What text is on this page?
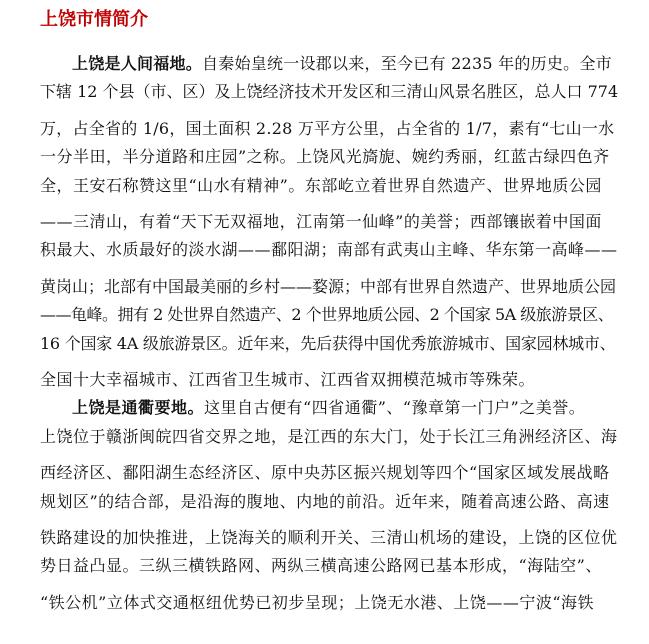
上饶市情简介
上饶是人间福地。自秦始皇统一设郡以来，至今已有 2235 年的历史。全市
下辖 12 个县（市、区）及上饶经济技术开发区和三清山风景名胜区，总人口 774
万，占全省的 1/6，国土面积 2.28 万平方公里，占全省的 1/7，素有“七山一水
一分半田，半分道路和庄园”之称。上饶风光旖旎、婉约秀丽，红蓝古绿四色齐
全，王安石称赞这里“山水有精神”。东部屹立着世界自然遗产、世界地质公园
——三清山，有着“天下无双福地，江南第一仙峰”的美誉；西部镶嵌着中国面
积最大、水质最好的淡水湖——鄱阳湖；南部有武夷山主峰、华东第一高峰——
黄岗山；北部有中国最美丽的乡村——婺源；中部有世界自然遗产、世界地质公园
——龟峰。拥有 2 处世界自然遗产、2 个世界地质公园、2 个国家 5A 级旅游景区、
16 个国家 4A 级旅游景区。近年来，先后获得中国优秀旅游城市、国家园林城市、
全国十大幸福城市、江西省卫生城市、江西省双拥模范城市等殊荣。
上饶是通衢要地。这里自古便有“四省通衢”、“豫章第一门户”之美誉。
上饶位于赣浙闽皖四省交界之地，是江西的东大门，处于长江三角洲经济区、海
西经济区、鄱阳湖生态经济区、原中央苏区振兴规划等四个“国家区域发展战略
规划区”的结合部，是沿海的腹地、内地的前沿。近年来，随着高速公路、高速
铁路建设的加快推进，上饶海关的顺利开关、三清山机场的建设，上饶的区位优
势日益凸显。三纵三横铁路网、两纵三横高速公路网已基本形成，“海陆空”、
“铁公机”立体式交通枢纽优势已初步呈现；上饶无水港、上饶——宁波“海铁
